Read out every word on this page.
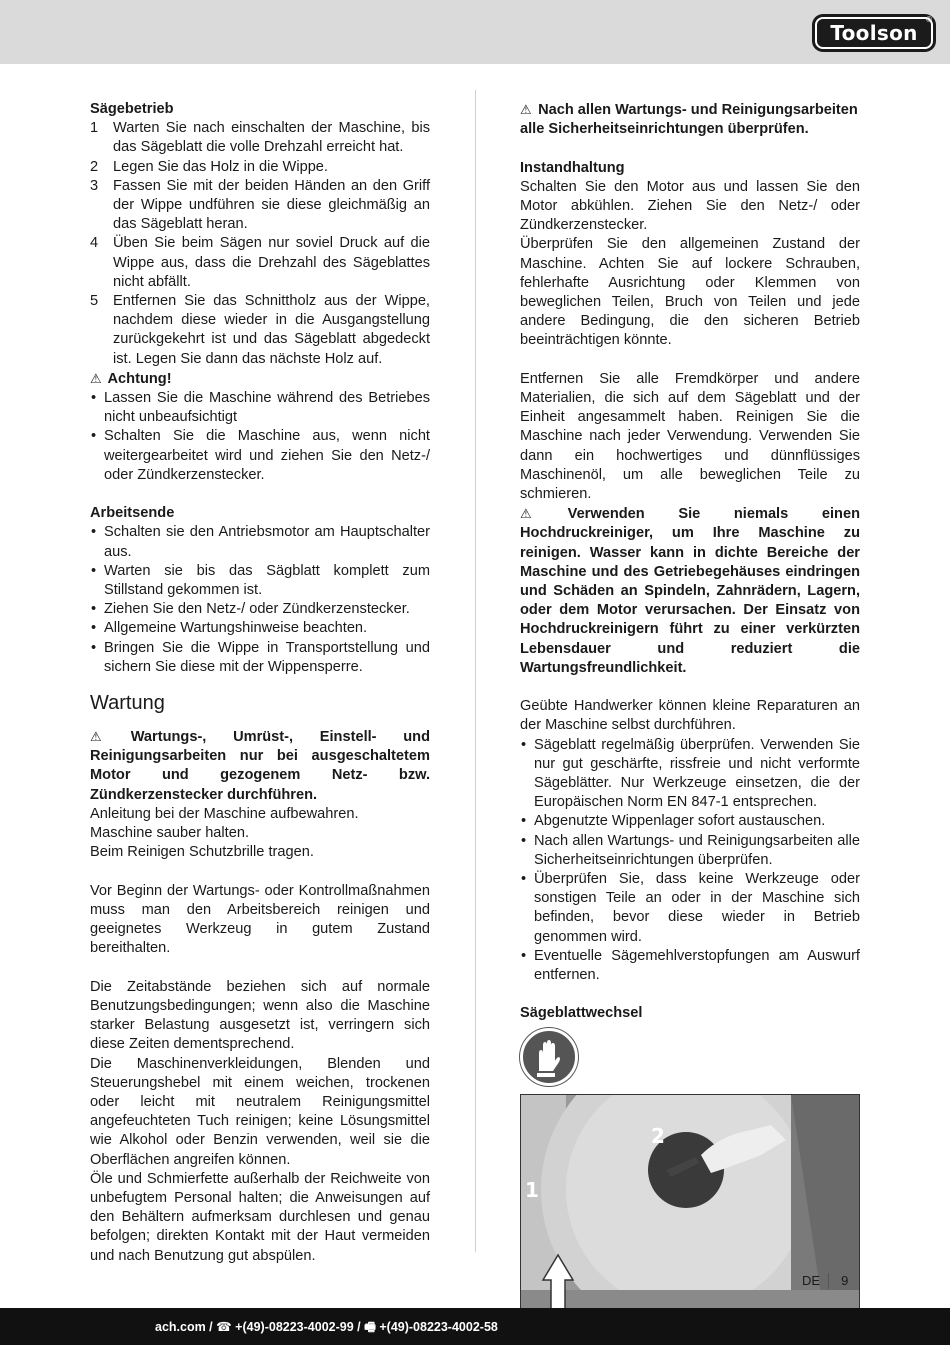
Toolson
®
Sägebetrieb
1 Warten Sie nach einschalten der Maschine, bis das Sägeblatt die volle Drehzahl erreicht hat.
2 Legen Sie das Holz in die Wippe.
3 Fassen Sie mit der beiden Händen an den Griff der Wippe undführen sie diese gleichmäßig an das Sägeblatt heran.
4 Üben Sie beim Sägen nur soviel Druck auf die Wippe aus, dass die Drehzahl des Sägeblattes nicht abfällt.
5 Entfernen Sie das Schnittholz aus der Wippe, nachdem diese wieder in die Ausgangstellung zurückgekehrt ist und das Sägeblatt abgedeckt ist. Legen Sie dann das nächste Holz auf.
⚠ Achtung!
• Lassen Sie die Maschine während des Betriebes nicht unbeaufsichtigt
• Schalten Sie die Maschine aus, wenn nicht weitergearbeitet wird und ziehen Sie den Netz-/ oder Zündkerzenstecker.
Arbeitsende
• Schalten sie den Antriebsmotor am Hauptschalter aus.
• Warten sie bis das Sägblatt komplett zum Stillstand gekommen ist.
• Ziehen Sie den Netz-/ oder Zündkerzenstecker.
• Allgemeine Wartungshinweise beachten.
• Bringen Sie die Wippe in Transportstellung und sichern Sie diese mit der Wippensperre.
Wartung
⚠ Wartungs-, Umrüst-, Einstell- und Reinigungsarbeiten nur bei ausgeschaltetem Motor und gezogenem Netz- bzw. Zündkerzenstecker durchführen.
Anleitung bei der Maschine aufbewahren.
Maschine sauber halten.
Beim Reinigen Schutzbrille tragen.
Vor Beginn der Wartungs- oder Kontrollmaßnahmen muss man den Arbeitsbereich reinigen und geeignetes Werkzeug in gutem Zustand bereithalten.
Die Zeitabstände beziehen sich auf normale Benutzungsbedingungen; wenn also die Maschine starker Belastung ausgesetzt ist, verringern sich diese Zeiten dementsprechend.
Die Maschinenverkleidungen, Blenden und Steuerungshebel mit einem weichen, trockenen oder leicht mit neutralem Reinigungsmittel angefeuchteten Tuch reinigen; keine Lösungsmittel wie Alkohol oder Benzin verwenden, weil sie die Oberflächen angreifen können.
Öle und Schmierfette außerhalb der Reichweite von unbefugtem Personal halten; die Anweisungen auf den Behältern aufmerksam durchlesen und genau befolgen; direkten Kontakt mit der Haut vermeiden und nach Benutzung gut abspülen.
⚠ Nach allen Wartungs- und Reinigungsarbeiten alle Sicherheitseinrichtungen überprüfen.
Instandhaltung
Schalten Sie den Motor aus und lassen Sie den Motor abkühlen. Ziehen Sie den Netz-/ oder Zündkerzenstecker.
Überprüfen Sie den allgemeinen Zustand der Maschine. Achten Sie auf lockere Schrauben, fehlerhafte Ausrichtung oder Klemmen von beweglichen Teilen, Bruch von Teilen und jede andere Bedingung, die den sicheren Betrieb beeinträchtigen könnte.
Entfernen Sie alle Fremdkörper und andere Materialien, die sich auf dem Sägeblatt und der Einheit angesammelt haben. Reinigen Sie die Maschine nach jeder Verwendung. Verwenden Sie dann ein hochwertiges und dünnflüssiges Maschinenöl, um alle beweglichen Teile zu schmieren.
⚠ Verwenden Sie niemals einen Hochdruckreiniger, um Ihre Maschine zu reinigen. Wasser kann in dichte Bereiche der Maschine und des Getriebegehäuses eindringen und Schäden an Spindeln, Zahnrädern, Lagern, oder dem Motor verursachen. Der Einsatz von Hochdruckreinigern führt zu einer verkürzten Lebensdauer und reduziert die Wartungsfreundlichkeit.
Geübte Handwerker können kleine Reparaturen an der Maschine selbst durchführen.
• Sägeblatt regelmäßig überprüfen. Verwenden Sie nur gut geschärfte, rissfreie und nicht verformte Sägeblätter. Nur Werkzeuge einsetzen, die der Europäischen Norm EN 847-1 entsprechen.
• Abgenutzte Wippenlager sofort austauschen.
• Nach allen Wartungs- und Reinigungsarbeiten alle Sicherheitseinrichtungen überprüfen.
• Überprüfen Sie, dass keine Werkzeuge oder sonstigen Teile an oder in der Maschine sich befinden, bevor diese wieder in Betrieb genommen wird.
• Eventuelle Sägemehlverstopfungen am Auswurf entfernen.
Sägeblattwechsel
1
2
DE 9
ach.com / ☎ +(49)-08223-4002-99 / 🖷 +(49)-08223-4002-58
